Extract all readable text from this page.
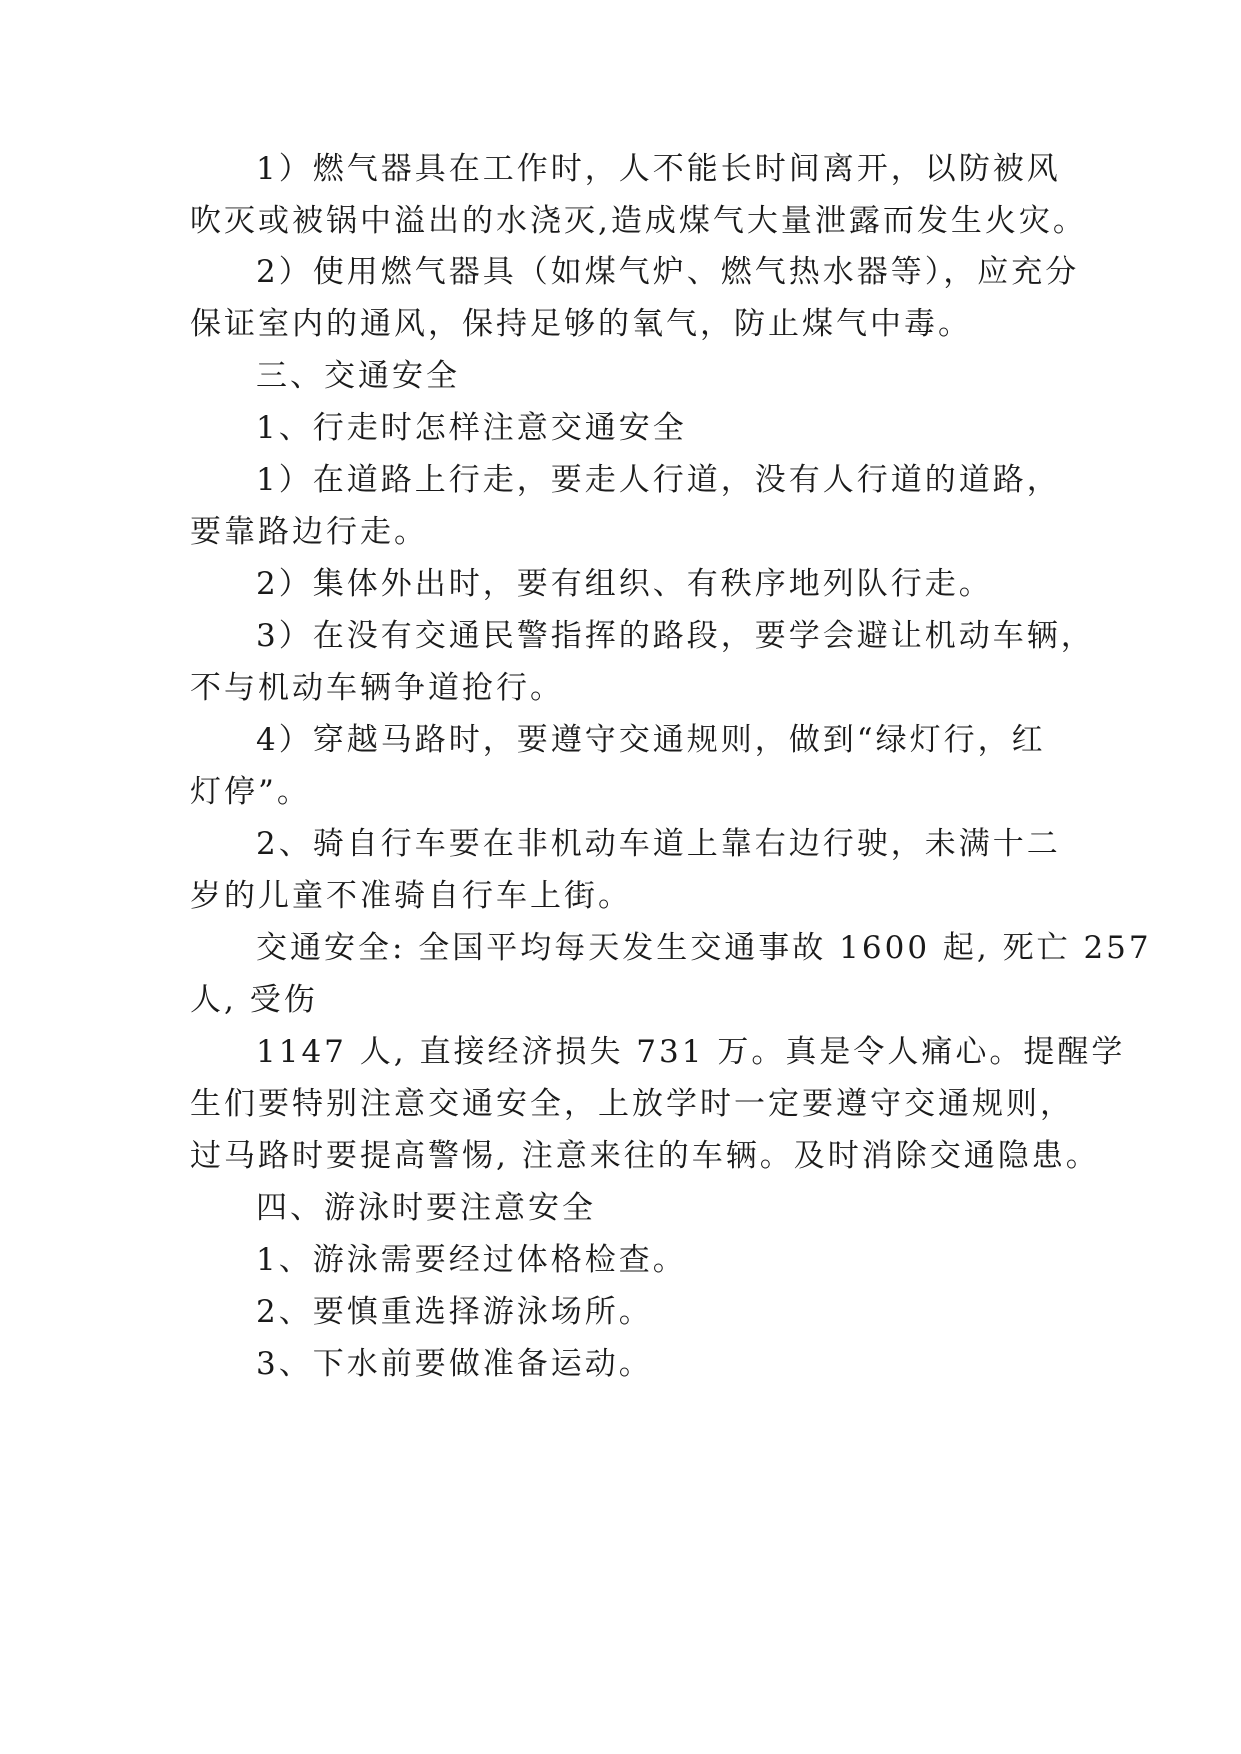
1）燃气器具在工作时，人不能长时间离开，以防被风
吹灭或被锅中溢出的水浇灭,造成煤气大量泄露而发生火灾。
2）使用燃气器具（如煤气炉、燃气热水器等），应充分
保证室内的通风，保持足够的氧气，防止煤气中毒。
三、交通安全
1、行走时怎样注意交通安全
1）在道路上行走，要走人行道，没有人行道的道路，
要靠路边行走。
2）集体外出时，要有组织、有秩序地列队行走。
3）在没有交通民警指挥的路段，要学会避让机动车辆，
不与机动车辆争道抢行。
4）穿越马路时，要遵守交通规则，做到“绿灯行，红
灯停”。
2、骑自行车要在非机动车道上靠右边行驶，未满十二
岁的儿童不准骑自行车上街。
交通安全: 全国平均每天发生交通事故 1600 起, 死亡 257
人, 受伤
1147 人, 直接经济损失 731 万。真是令人痛心。提醒学
生们要特别注意交通安全，上放学时一定要遵守交通规则，
过马路时要提高警惕, 注意来往的车辆。及时消除交通隐患。
四、游泳时要注意安全
1、游泳需要经过体格检查。
2、要慎重选择游泳场所。
3、下水前要做准备运动。
